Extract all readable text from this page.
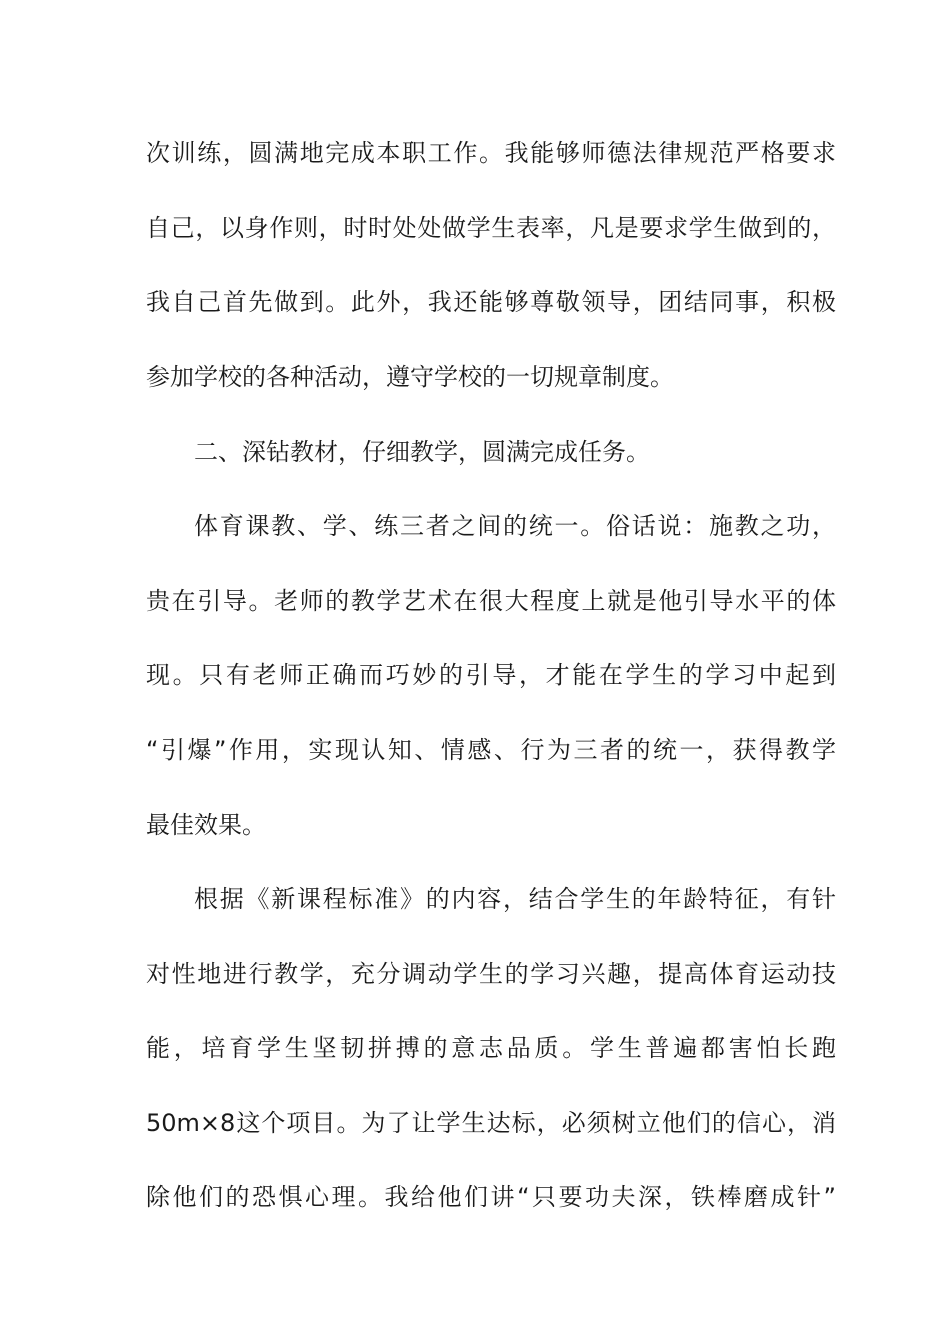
次训练，圆满地完成本职工作。我能够师德法律规范严格要求
自己，以身作则，时时处处做学生表率，凡是要求学生做到的，
我自己首先做到。此外，我还能够尊敬领导，团结同事，积极
参加学校的各种活动，遵守学校的一切规章制度。
二、深钻教材，仔细教学，圆满完成任务。
体育课教、学、练三者之间的统一。俗话说：施教之功，
贵在引导。老师的教学艺术在很大程度上就是他引导水平的体
现。只有老师正确而巧妙的引导，才能在学生的学习中起到
“引爆”作用，实现认知、情感、行为三者的统一，获得教学
最佳效果。
根据《新课程标准》的内容，结合学生的年龄特征，有针
对性地进行教学，充分调动学生的学习兴趣，提高体育运动技
能，培育学生坚韧拼搏的意志品质。学生普遍都害怕长跑
50m×8这个项目。为了让学生达标，必须树立他们的信心，消
除他们的恐惧心理。我给他们讲“只要功夫深，铁棒磨成针”
